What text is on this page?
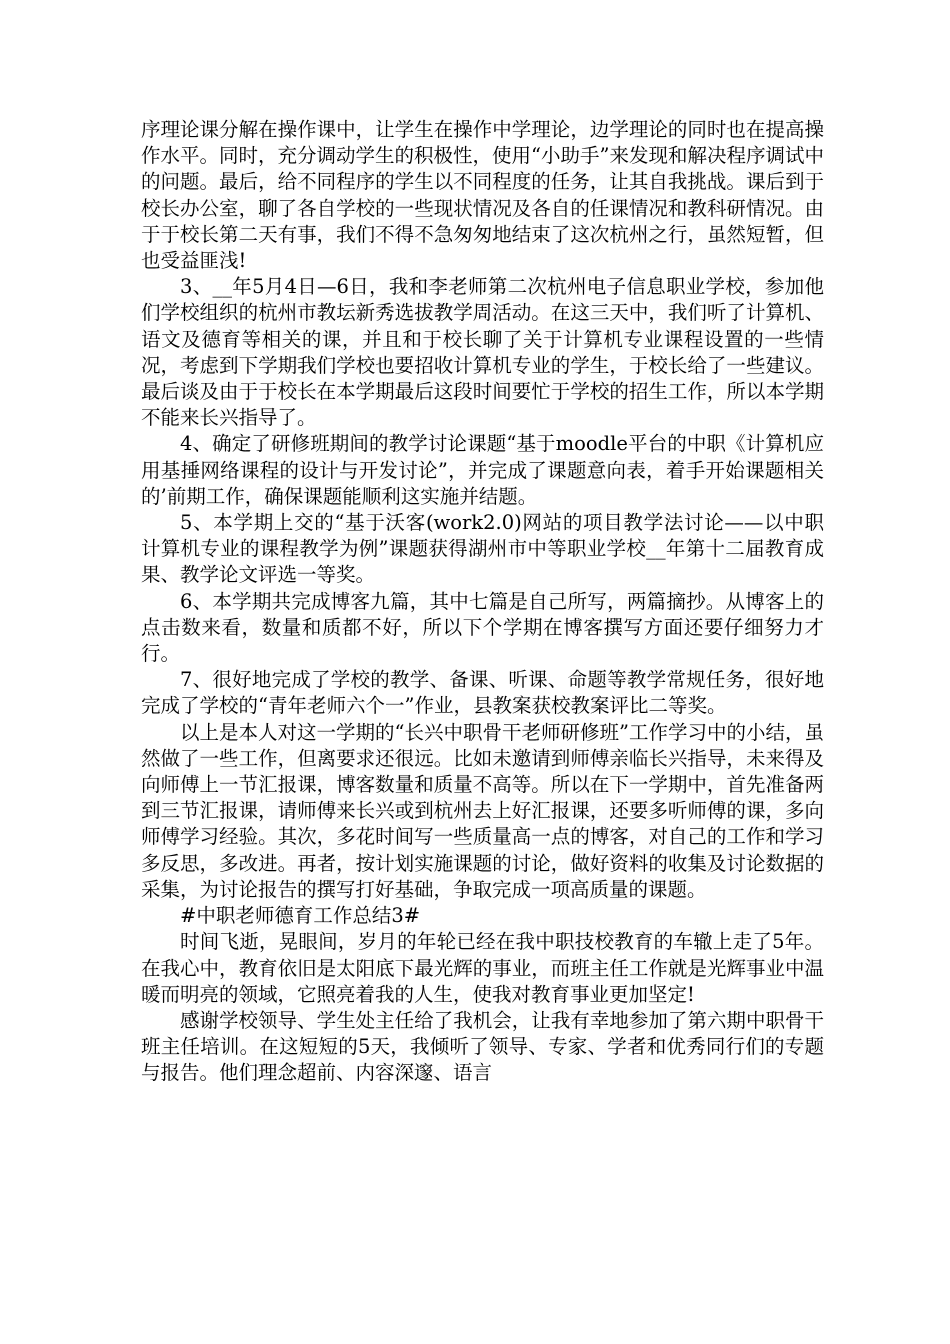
序理论课分解在操作课中，让学生在操作中学理论，边学理论的同时也在提高操作水平。同时，充分调动学生的积极性，使用“小助手”来发现和解决程序调试中的问题。最后，给不同程序的学生以不同程度的任务，让其自我挑战。课后到于校长办公室，聊了各自学校的一些现状情况及各自的任课情况和教科研情况。由于于校长第二天有事，我们不得不急匆匆地结束了这次杭州之行，虽然短暂，但也受益匪浅!

3、__年5月4日—6日，我和李老师第二次杭州电子信息职业学校，参加他们学校组织的杭州市教坛新秀选拔教学周活动。在这三天中，我们听了计算机、语文及德育等相关的课，并且和于校长聊了关于计算机专业课程设置的一些情况，考虑到下学期我们学校也要招收计算机专业的学生，于校长给了一些建议。最后谈及由于于校长在本学期最后这段时间要忙于学校的招生工作，所以本学期不能来长兴指导了。

4、确定了研修班期间的教学讨论课题“基于moodle平台的中职《计算机应用基捶网络课程的设计与开发讨论”，并完成了课题意向表，着手开始课题相关的’前期工作，确保课题能顺利这实施并结题。

5、本学期上交的“基于沃客(work2.0)网站的项目教学法讨论——以中职计算机专业的课程教学为例”课题获得湖州市中等职业学校__年第十二届教育成果、教学论文评选一等奖。

6、本学期共完成博客九篇，其中七篇是自己所写，两篇摘抄。从博客上的点击数来看，数量和质都不好，所以下个学期在博客撰写方面还要仔细努力才行。

7、很好地完成了学校的教学、备课、听课、命题等教学常规任务，很好地完成了学校的“青年老师六个一”作业，县教案获校教案评比二等奖。

以上是本人对这一学期的“长兴中职骨干老师研修班”工作学习中的小结，虽然做了一些工作，但离要求还很远。比如未邀请到师傅亲临长兴指导，未来得及向师傅上一节汇报课，博客数量和质量不高等。所以在下一学期中，首先准备两到三节汇报课，请师傅来长兴或到杭州去上好汇报课，还要多听师傅的课，多向师傅学习经验。其次，多花时间写一些质量高一点的博客，对自己的工作和学习多反思，多改进。再者，按计划实施课题的讨论，做好资料的收集及讨论数据的采集，为讨论报告的撰写打好基础，争取完成一项高质量的课题。

#中职老师德育工作总结3#

时间飞逝，晃眼间，岁月的年轮已经在我中职技校教育的车辙上走了5年。在我心中，教育依旧是太阳底下最光辉的事业，而班主任工作就是光辉事业中温暖而明亮的领域，它照亮着我的人生，使我对教育事业更加坚定!

感谢学校领导、学生处主任给了我机会，让我有幸地参加了第六期中职骨干班主任培训。在这短短的5天，我倾听了领导、专家、学者和优秀同行们的专题与报告。他们理念超前、内容深邃、语言
